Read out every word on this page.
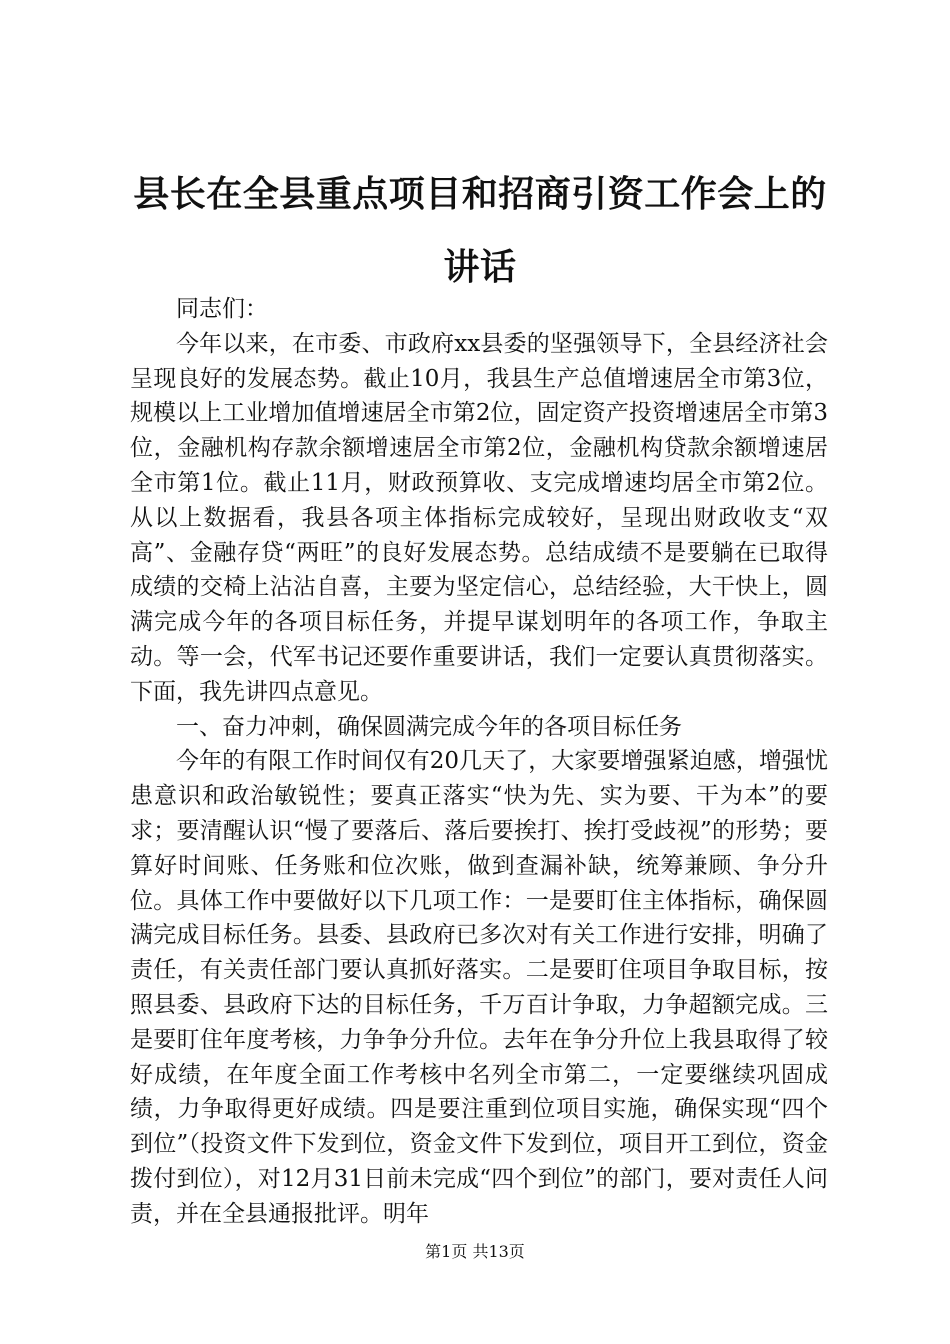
县长在全县重点项目和招商引资工作会上的讲话

同志们：

今年以来，在市委、市政府xx县委的坚强领导下，全县经济社会呈现良好的发展态势。截止10月，我县生产总值增速居全市第3位，规模以上工业增加值增速居全市第2位，固定资产投资增速居全市第3位，金融机构存款余额增速居全市第2位，金融机构贷款余额增速居全市第1位。截止11月，财政预算收、支完成增速均居全市第2位。从以上数据看，我县各项主体指标完成较好，呈现出财政收支“双高”、金融存贷“两旺”的良好发展态势。总结成绩不是要躺在已取得成绩的交椅上沾沾自喜，主要为坚定信心，总结经验，大干快上，圆满完成今年的各项目标任务，并提早谋划明年的各项工作，争取主动。等一会，代军书记还要作重要讲话，我们一定要认真贯彻落实。下面，我先讲四点意见。

一、奋力冲刺，确保圆满完成今年的各项目标任务

今年的有限工作时间仅有20几天了，大家要增强紧迫感，增强忧患意识和政治敏锐性；要真正落实“快为先、实为要、干为本”的要求；要清醒认识“慢了要落后、落后要挨打、挨打受歧视”的形势；要算好时间账、任务账和位次账，做到查漏补缺，统筹兼顾、争分升位。具体工作中要做好以下几项工作：一是要盯住主体指标，确保圆满完成目标任务。县委、县政府已多次对有关工作进行安排，明确了责任，有关责任部门要认真抓好落实。二是要盯住项目争取目标，按照县委、县政府下达的目标任务，千万百计争取，力争超额完成。三是要盯住年度考核，力争争分升位。去年在争分升位上我县取得了较好成绩，在年度全面工作考核中名列全市第二，一定要继续巩固成绩，力争取得更好成绩。四是要注重到位项目实施，确保实现“四个到位”（投资文件下发到位，资金文件下发到位，项目开工到位，资金拨付到位），对12月31日前未完成“四个到位”的部门，要对责任人问责，并在全县通报批评。明年

第1页 共13页
